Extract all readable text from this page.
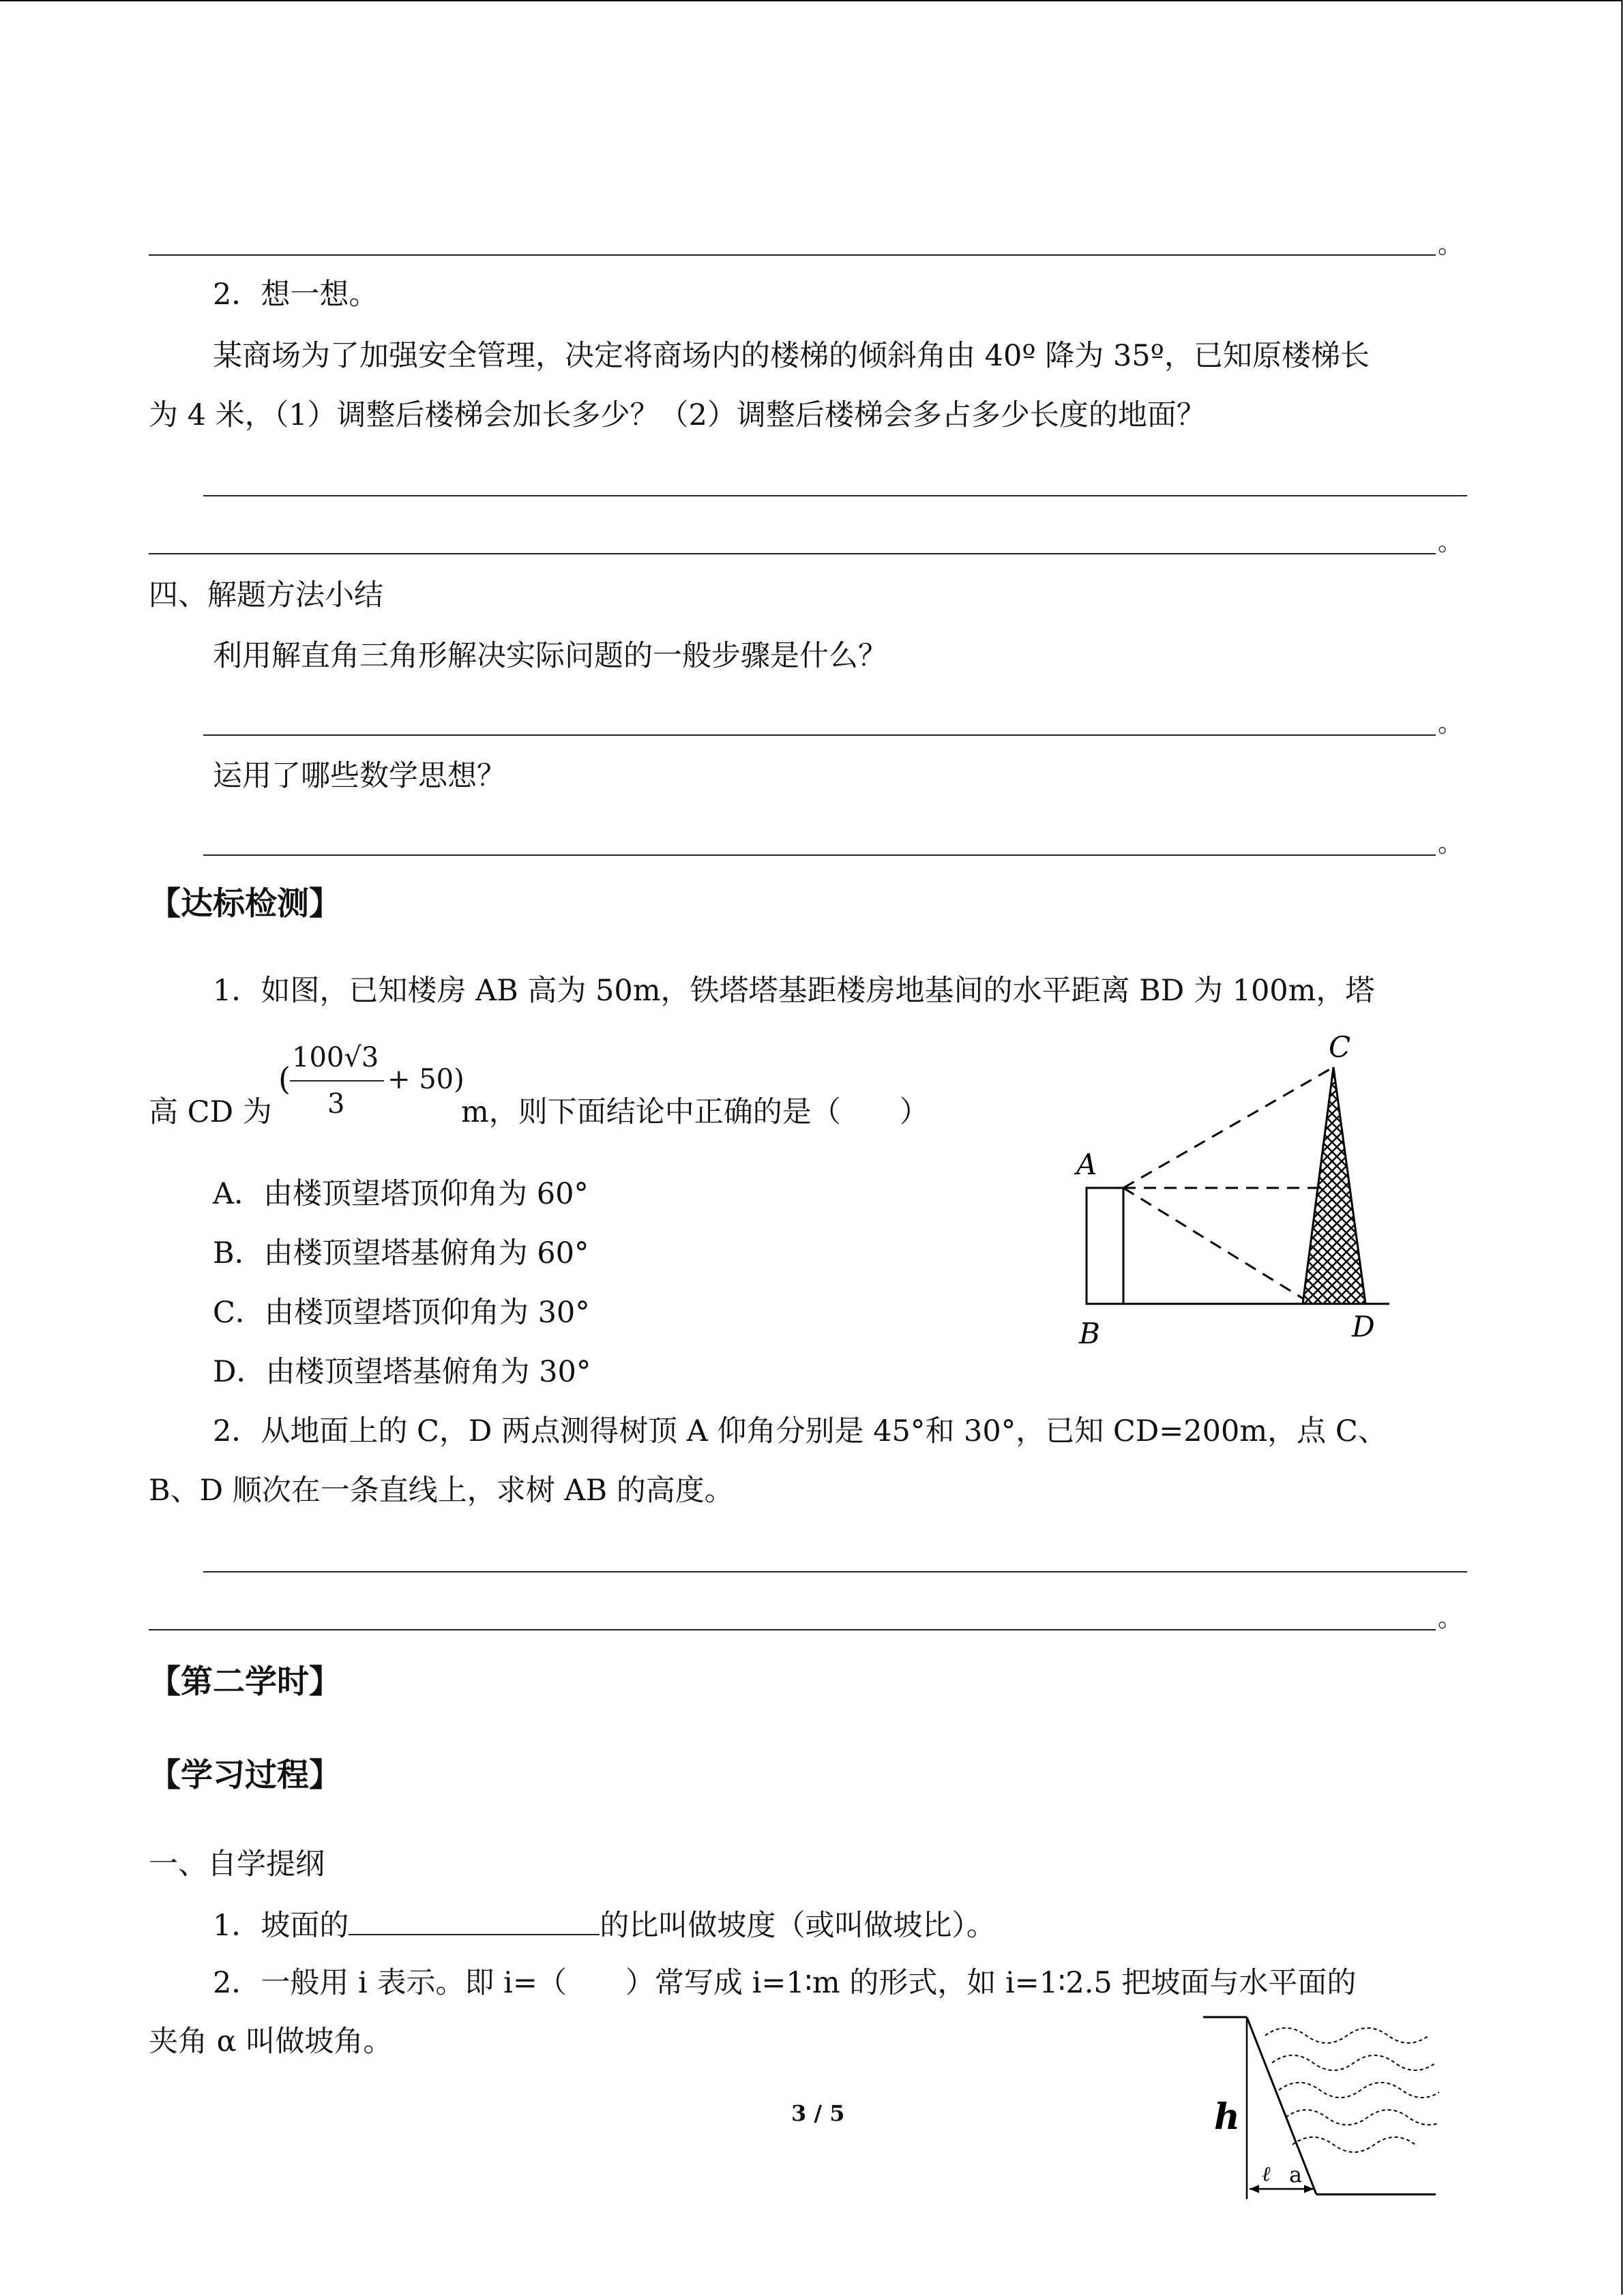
。
2．想一想。
某商场为了加强安全管理，决定将商场内的楼梯的倾斜角由 40º 降为 35º，已知原楼梯长
为 4 米，（1）调整后楼梯会加长多少？（2）调整后楼梯会多占多少长度的地面？
。
四、解题方法小结
利用解直角三角形解决实际问题的一般步骤是什么？
。
运用了哪些数学思想？
。
【达标检测】
1．如图，已知楼房 AB 高为 50m，铁塔塔基距楼房地基间的水平距离 BD 为 100m，塔
高 CD 为
(
100√3
3
+ 50)
m，则下面结论中正确的是（　　）
A．由楼顶望塔顶仰角为 60°
B．由楼顶望塔基俯角为 60°
C．由楼顶望塔顶仰角为 30°
D．由楼顶望塔基俯角为 30°
C
A
B	D
2．从地面上的 C，D 两点测得树顶 A 仰角分别是 45°和 30°，已知 CD=200m，点 C、
B、D 顺次在一条直线上，求树 AB 的高度。
。
【第二学时】
【学习过程】
一、自学提纲
1．坡面的	的比叫做坡度（或叫做坡比）。
2．一般用 i 表示。即 i=（　　）常写成 i=1∶m 的形式，如 i=1∶2.5 把坡面与水平面的
夹角 α 叫做坡角。
h
ℓ a
3 / 5
